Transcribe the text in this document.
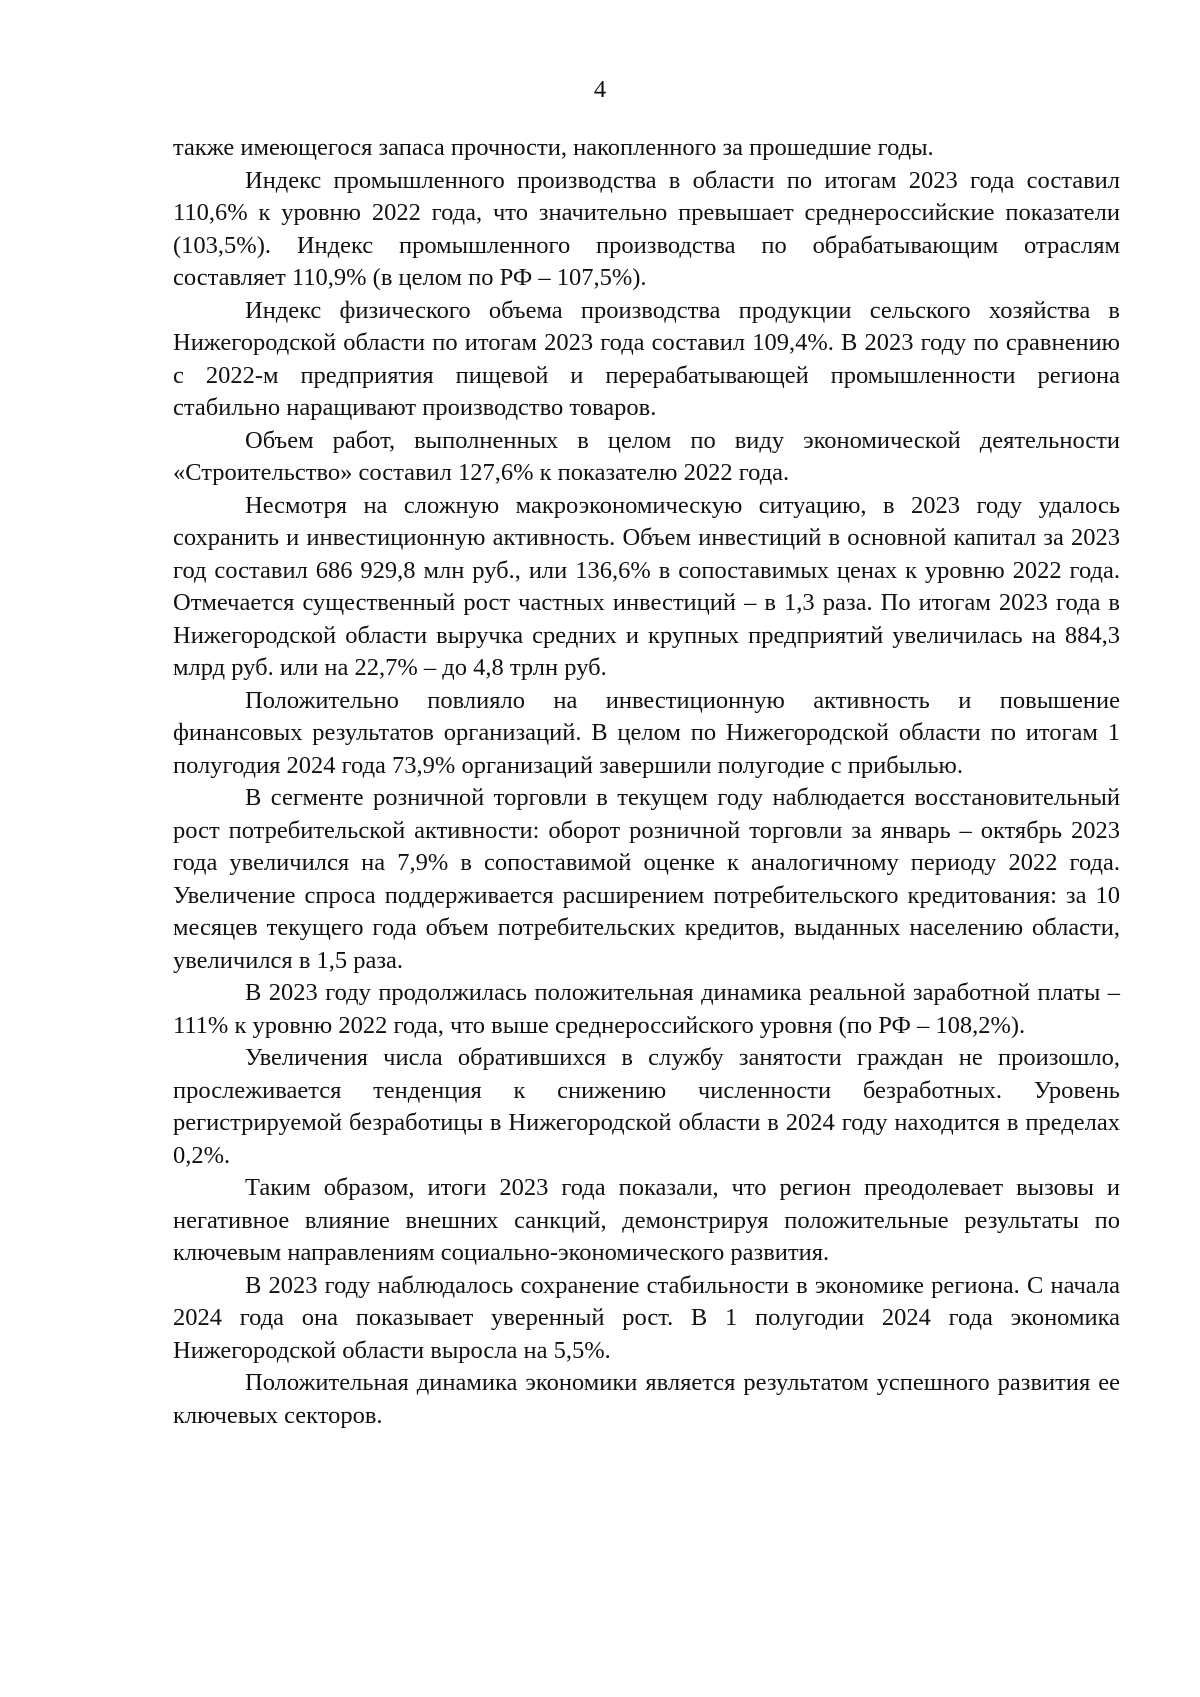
4

также имеющегося запаса прочности, накопленного за прошедшие годы.

Индекс промышленного производства в области по итогам 2023 года составил 110,6% к уровню 2022 года, что значительно превышает среднероссийские показатели (103,5%). Индекс промышленного производства по обрабатывающим отраслям составляет 110,9% (в целом по РФ – 107,5%).

Индекс физического объема производства продукции сельского хозяйства в Нижегородской области по итогам 2023 года составил 109,4%. В 2023 году по сравнению с 2022-м предприятия пищевой и перерабатывающей промышленности региона стабильно наращивают производство товаров.

Объем работ, выполненных в целом по виду экономической деятельности «Строительство» составил 127,6% к показателю 2022 года.

Несмотря на сложную макроэкономическую ситуацию, в 2023 году удалось сохранить и инвестиционную активность. Объем инвестиций в основной капитал за 2023 год составил 686 929,8 млн руб., или 136,6% в сопоставимых ценах к уровню 2022 года. Отмечается существенный рост частных инвестиций – в 1,3 раза. По итогам 2023 года в Нижегородской области выручка средних и крупных предприятий увеличилась на 884,3 млрд руб. или на 22,7% – до 4,8 трлн руб.

Положительно повлияло на инвестиционную активность и повышение финансовых результатов организаций. В целом по Нижегородской области по итогам 1 полугодия 2024 года 73,9% организаций завершили полугодие с прибылью.

В сегменте розничной торговли в текущем году наблюдается восстановительный рост потребительской активности: оборот розничной торговли за январь – октябрь 2023 года увеличился на 7,9% в сопоставимой оценке к аналогичному периоду 2022 года. Увеличение спроса поддерживается расширением потребительского кредитования: за 10 месяцев текущего года объем потребительских кредитов, выданных населению области, увеличился в 1,5 раза.

В 2023 году продолжилась положительная динамика реальной заработной платы – 111% к уровню 2022 года, что выше среднероссийского уровня (по РФ – 108,2%).

Увеличения числа обратившихся в службу занятости граждан не произошло, прослеживается тенденция к снижению численности безработных. Уровень регистрируемой безработицы в Нижегородской области в 2024 году находится в пределах 0,2%.

Таким образом, итоги 2023 года показали, что регион преодолевает вызовы и негативное влияние внешних санкций, демонстрируя положительные результаты по ключевым направлениям социально-экономического развития.

В 2023 году наблюдалось сохранение стабильности в экономике региона. С начала 2024 года она показывает уверенный рост. В 1 полугодии 2024 года экономика Нижегородской области выросла на 5,5%.

Положительная динамика экономики является результатом успешного развития ее ключевых секторов.
